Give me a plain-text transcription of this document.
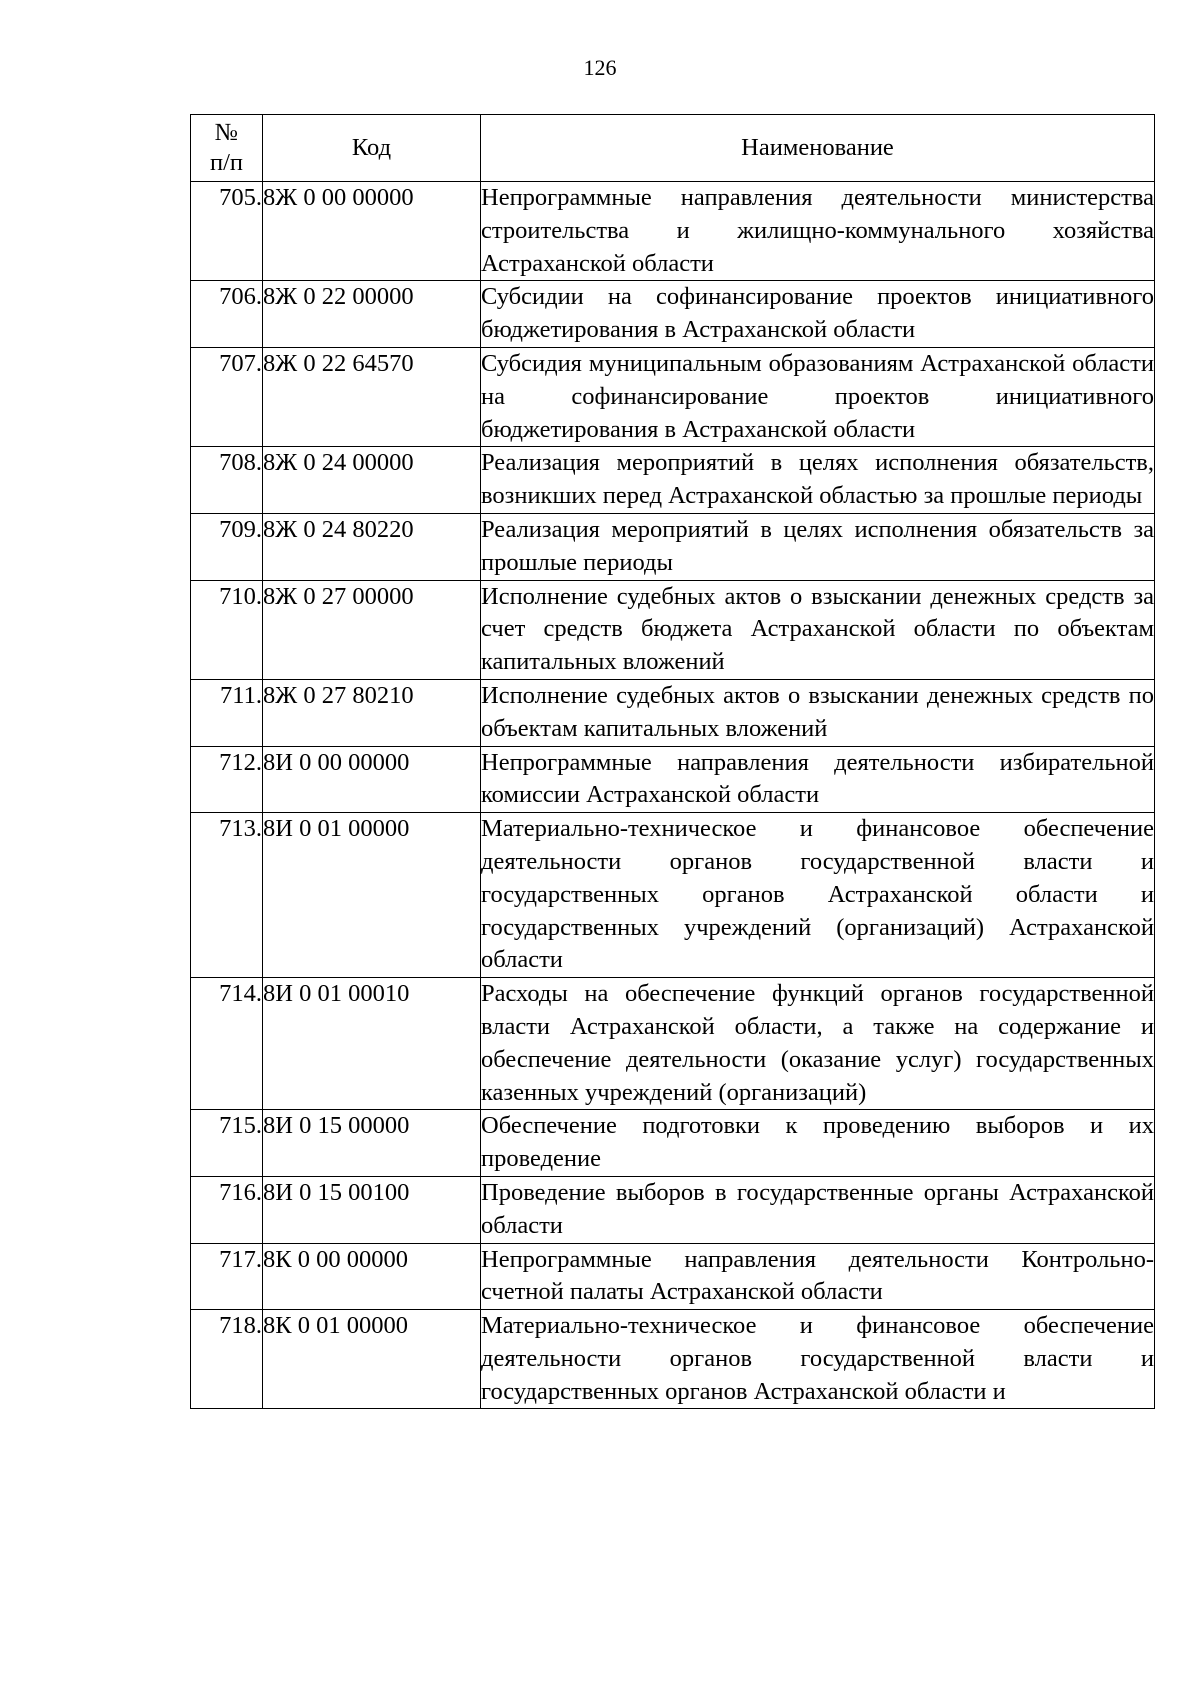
126
№
п/п	Код	Наименование
705.	8Ж 0 00 00000	Непрограммные направления деятельности министерства строительства и жилищно-коммунального хозяйства Астраханской области
706.	8Ж 0 22 00000	Субсидии на софинансирование проектов инициативного бюджетирования в Астраханской области
707.	8Ж 0 22 64570	Субсидия муниципальным образованиям Астраханской области на софинансирование проектов инициативного бюджетирования в Астраханской области
708.	8Ж 0 24 00000	Реализация мероприятий в целях исполнения обязательств, возникших перед Астраханской областью за прошлые периоды
709.	8Ж 0 24 80220	Реализация мероприятий в целях исполнения обязательств за прошлые периоды
710.	8Ж 0 27 00000	Исполнение судебных актов о взыскании денежных средств за счет средств бюджета Астраханской области по объектам капитальных вложений
711.	8Ж 0 27 80210	Исполнение судебных актов о взыскании денежных средств по объектам капитальных вложений
712.	8И 0 00 00000	Непрограммные направления деятельности избирательной комиссии Астраханской области
713.	8И 0 01 00000	Материально-техническое и финансовое обеспечение деятельности органов государственной власти и государственных органов Астраханской области и государственных учреждений (организаций) Астраханской области
714.	8И 0 01 00010	Расходы на обеспечение функций органов государственной власти Астраханской области, а также на содержание и обеспечение деятельности (оказание услуг) государственных казенных учреждений (организаций)
715.	8И 0 15 00000	Обеспечение подготовки к проведению выборов и их проведение
716.	8И 0 15 00100	Проведение выборов в государственные органы Астраханской области
717.	8К 0 00 00000	Непрограммные направления деятельности Контрольно-счетной палаты Астраханской области
718.	8К 0 01 00000	Материально-техническое и финансовое обеспечение деятельности органов государственной власти и государственных органов Астраханской области и
